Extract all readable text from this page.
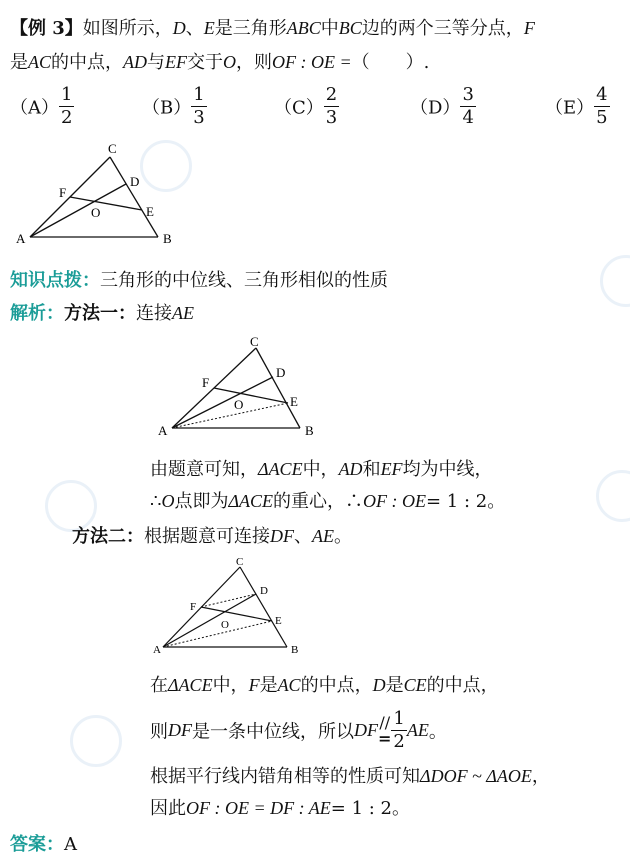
【例 3】如图所示，D、E是三角形ABC中BC边的两个三等分点，F
是AC的中点，AD与EF交于O，则OF : OE =（　　）.
$(A) \frac{1}{2}$	$(B) \frac{1}{3}$	$(C) \frac{2}{3}$	$(D) \frac{3}{4}$	$(E) \frac{4}{5}$
C
D
F
O	E
A	B
知识点拨：三角形的中位线、三角形相似的性质
解析：方法一：连接AE
C
D
F
O	E
A	B
由题意可知，ΔACE中，AD和EF均为中线，
∴O点即为ΔACE的重心，∴OF : OE= 1 : 2。
方法二：根据题意可连接DF、AE。
C
D
F
O	E
A	B
在ΔACE中，F是AC的中点，D是CE的中点，
则DF是一条中位线，所以DF //
= $\frac{1}{2}$ AE。
根据平行线内错角相等的性质可知ΔDOF ~ ΔAOE，
因此OF : OE = DF : AE= 1 : 2。
答案：A
